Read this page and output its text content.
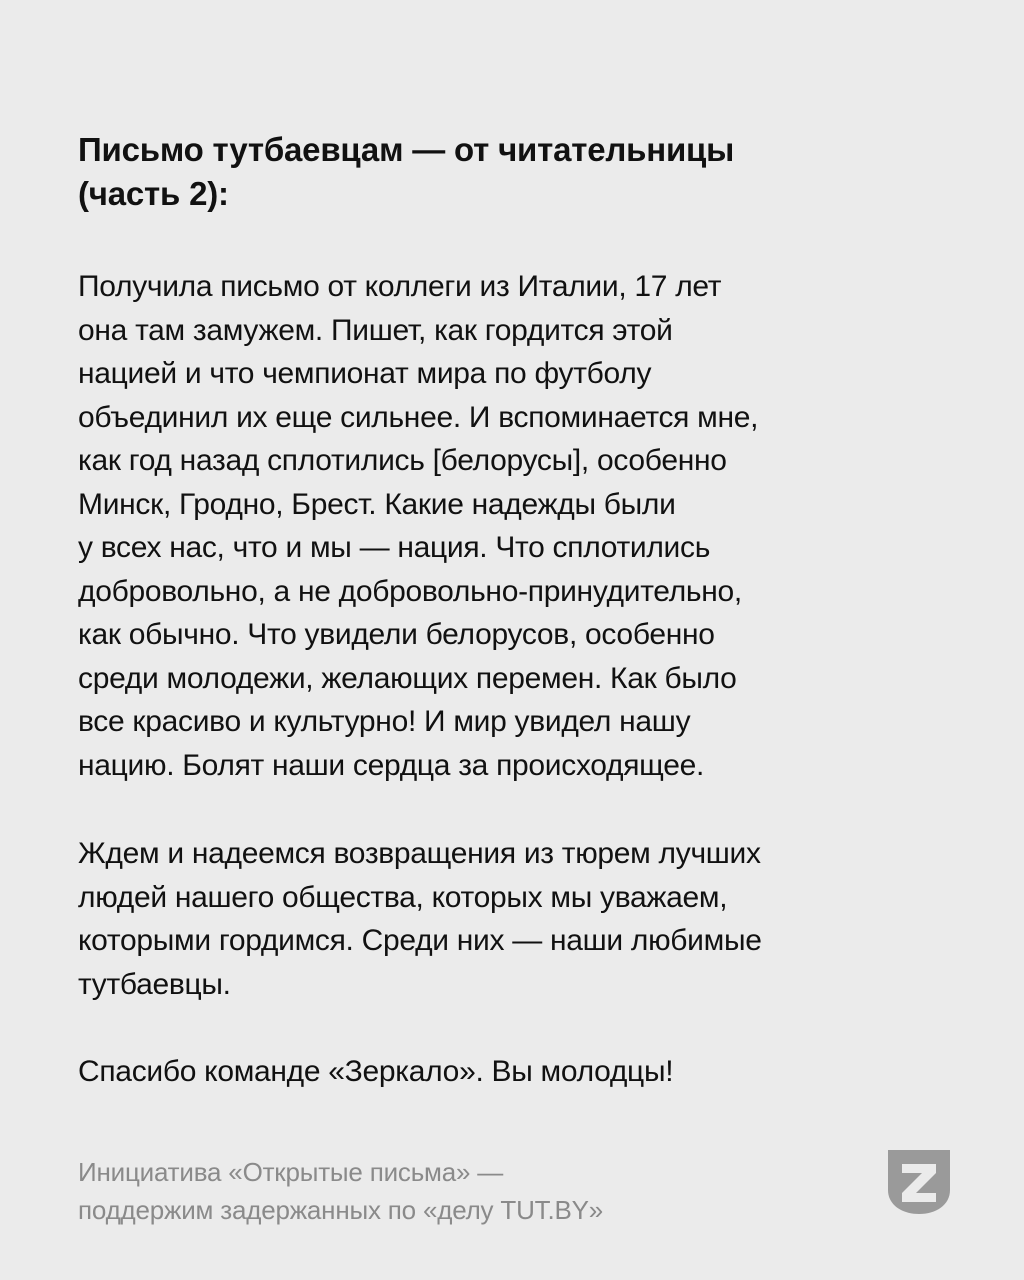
Письмо тутбаевцам — от читательницы
(часть 2):

Получила письмо от коллеги из Италии, 17 лет
она там замужем. Пишет, как гордится этой
нацией и что чемпионат мира по футболу
объединил их еще сильнее. И вспоминается мне,
как год назад сплотились [белорусы], особенно
Минск, Гродно, Брест. Какие надежды были
у всех нас, что и мы — нация. Что сплотились
добровольно, а не добровольно-принудительно,
как обычно. Что увидели белорусов, особенно
среди молодежи, желающих перемен. Как было
все красиво и культурно! И мир увидел нашу
нацию. Болят наши сердца за происходящее.

Ждем и надеемся возвращения из тюрем лучших
людей нашего общества, которых мы уважаем,
которыми гордимся. Среди них — наши любимые
тутбаевцы.

Спасибо команде «Зеркало». Вы молодцы!

Инициатива «Открытые письма» —
поддержим задержанных по «делу TUT.BY»
